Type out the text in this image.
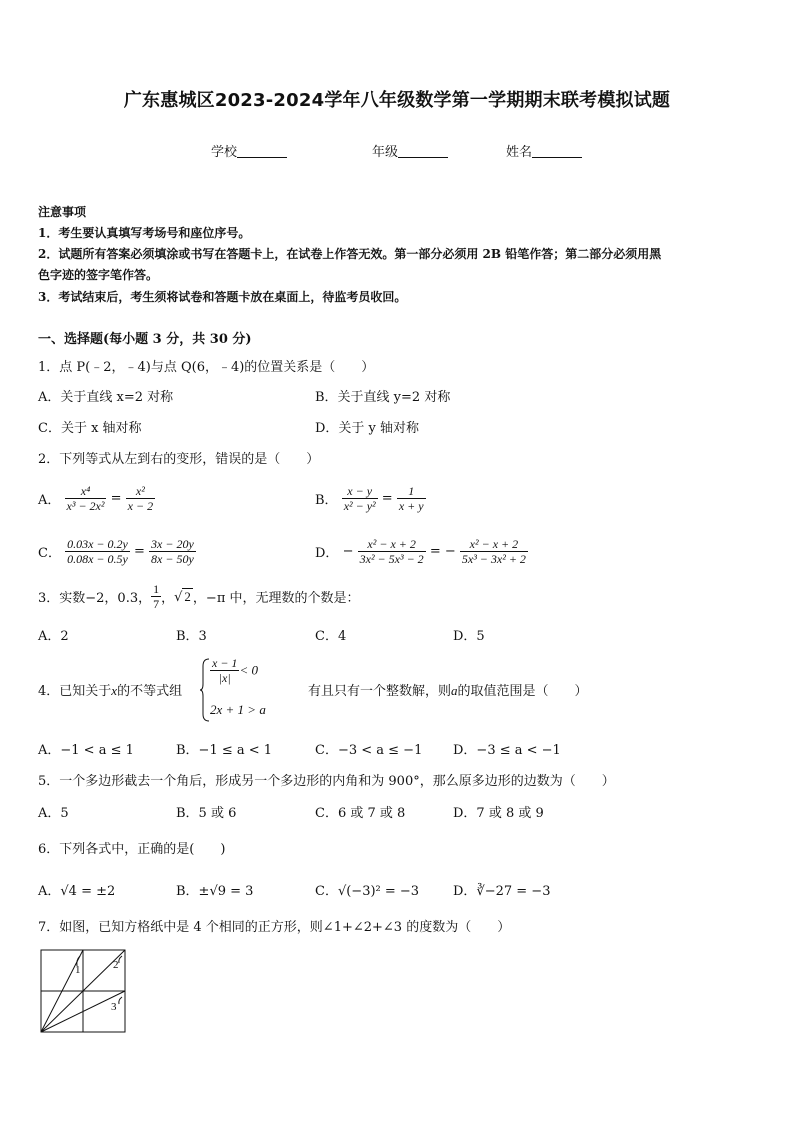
广东惠城区2023-2024学年八年级数学第一学期期末联考模拟试题
学校	年级	姓名
注意事项
1．考生要认真填写考场号和座位序号。
2．试题所有答案必须填涂或书写在答题卡上，在试卷上作答无效。第一部分必须用 2B 铅笔作答；第二部分必须用黑
色字迹的签字笔作答。
3．考试结束后，考生须将试卷和答题卡放在桌面上，待监考员收回。
一、选择题(每小题 3 分，共 30 分)
1．点 P(﹣2，﹣4)与点 Q(6，﹣4)的位置关系是（　　）
A．关于直线 x=2 对称	B．关于直线 y=2 对称
C．关于 x 轴对称	D．关于 y 轴对称
2．下列等式从左到右的变形，错误的是（　　）
A． $\frac{\text{x⁴}}{\text{x³ − 2x²}} = \frac{\text{x²}}{x - 2}$	B． $\frac{x - y}{\text{x² − y²}} = \frac{1}{x + y}$
C． $\frac{0.03x - 0.2y}{0.08x - 0.5y} = \frac{3x - 20y}{8x - 50y}$	D． − $\frac{\text{x² − x + 2}}{\text{3x² − 5x³ − 2}}$ = − $\frac{\text{x² − x + 2}}{\text{5x³ − 3x² + 2}}$
3．实数−2，0.3， $\frac{1}{7}$ ，√ 2 ，−π 中，无理数的个数是：
A．2	B．3	C．4	D．5
4．已知关于x的不等式组
$\frac{x - 1}{|x|} < 0$
2x + 1 > a
有且只有一个整数解，则a的取值范围是（　　）
A．−1 < a ≤ 1	B．−1 ≤ a < 1	C．−3 < a ≤ −1 D．−3 ≤ a < −1
5．一个多边形截去一个角后，形成另一个多边形的内角和为 900°，那么原多边形的边数为（　　）
A．5	B．5 或 6	C．6 或 7 或 8	D．7 或 8 或 9
6．下列各式中，正确的是(　　)
A．√4 = ±2	B．±√9 = 3	C．√(−3)² = −3	D．∛−27 = −3
7．如图，已知方格纸中是 4 个相同的正方形，则∠1+∠2+∠3 的度数为（　　）
1	2
3
